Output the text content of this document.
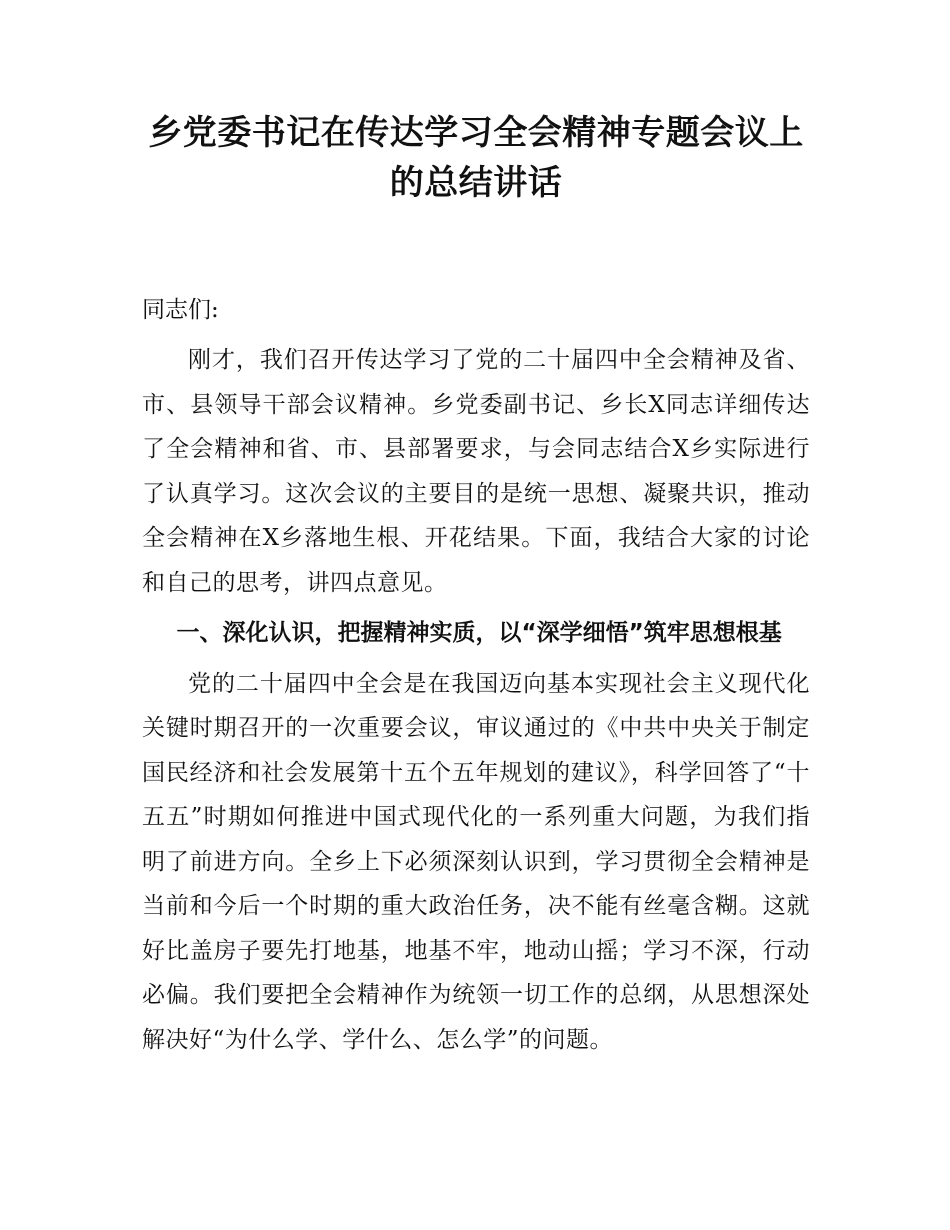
乡党委书记在传达学习全会精神专题会议上的总结讲话
同志们:

刚才，我们召开传达学习了党的二十届四中全会精神及省、市、县领导干部会议精神。乡党委副书记、乡长X同志详细传达了全会精神和省、市、县部署要求，与会同志结合X乡实际进行了认真学习。这次会议的主要目的是统一思想、凝聚共识，推动全会精神在X乡落地生根、开花结果。下面，我结合大家的讨论和自己的思考，讲四点意见。

一、深化认识，把握精神实质，以“深学细悟”筑牢思想根基

党的二十届四中全会是在我国迈向基本实现社会主义现代化关键时期召开的一次重要会议，审议通过的《中共中央关于制定国民经济和社会发展第十五个五年规划的建议》，科学回答了“十五五”时期如何推进中国式现代化的一系列重大问题，为我们指明了前进方向。全乡上下必须深刻认识到，学习贯彻全会精神是当前和今后一个时期的重大政治任务，决不能有丝毫含糊。这就好比盖房子要先打地基，地基不牢，地动山摇；学习不深，行动必偏。我们要把全会精神作为统领一切工作的总纲，从思想深处解决好“为什么学、学什么、怎么学”的问题。
